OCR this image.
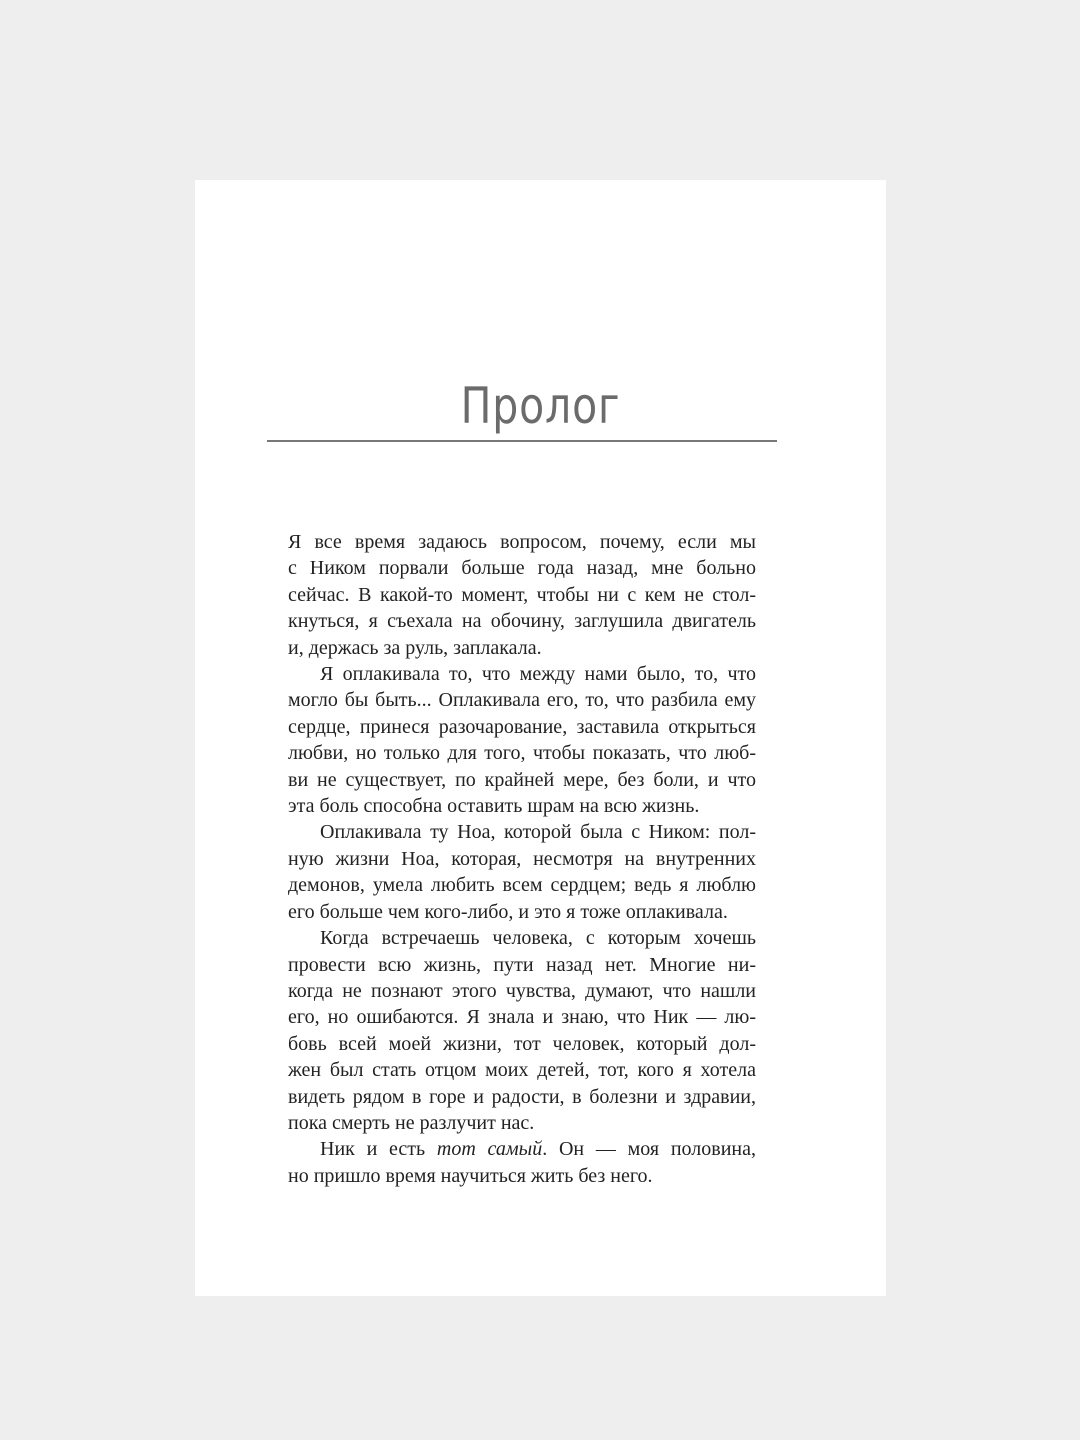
Пролог

Я все время задаюсь вопросом, почему, если мы

с Ником порвали больше года назад, мне больно

сейчас. В какой-то момент, чтобы ни с кем не стол-

кнуться, я съехала на обочину, заглушила двигатель

и, держась за руль, заплакала.

Я оплакивала то, что между нами было, то, что

могло бы быть... Оплакивала его, то, что разбила ему

сердце, принеся разочарование, заставила открыться

любви, но только для того, чтобы показать, что люб-

ви не существует, по крайней мере, без боли, и что

эта боль способна оставить шрам на всю жизнь.

Оплакивала ту Ноа, которой была с Ником: пол-

ную жизни Ноа, которая, несмотря на внутренних

демонов, умела любить всем сердцем; ведь я люблю

его больше чем кого-либо, и это я тоже оплакивала.

Когда встречаешь человека, с которым хочешь

провести всю жизнь, пути назад нет. Многие ни-

когда не познают этого чувства, думают, что нашли

его, но ошибаются. Я знала и знаю, что Ник — лю-

бовь всей моей жизни, тот человек, который дол-

жен был стать отцом моих детей, тот, кого я хотела

видеть рядом в горе и радости, в болезни и здравии,

пока смерть не разлучит нас.

Ник и есть тот самый. Он — моя половина,

но пришло время научиться жить без него.
